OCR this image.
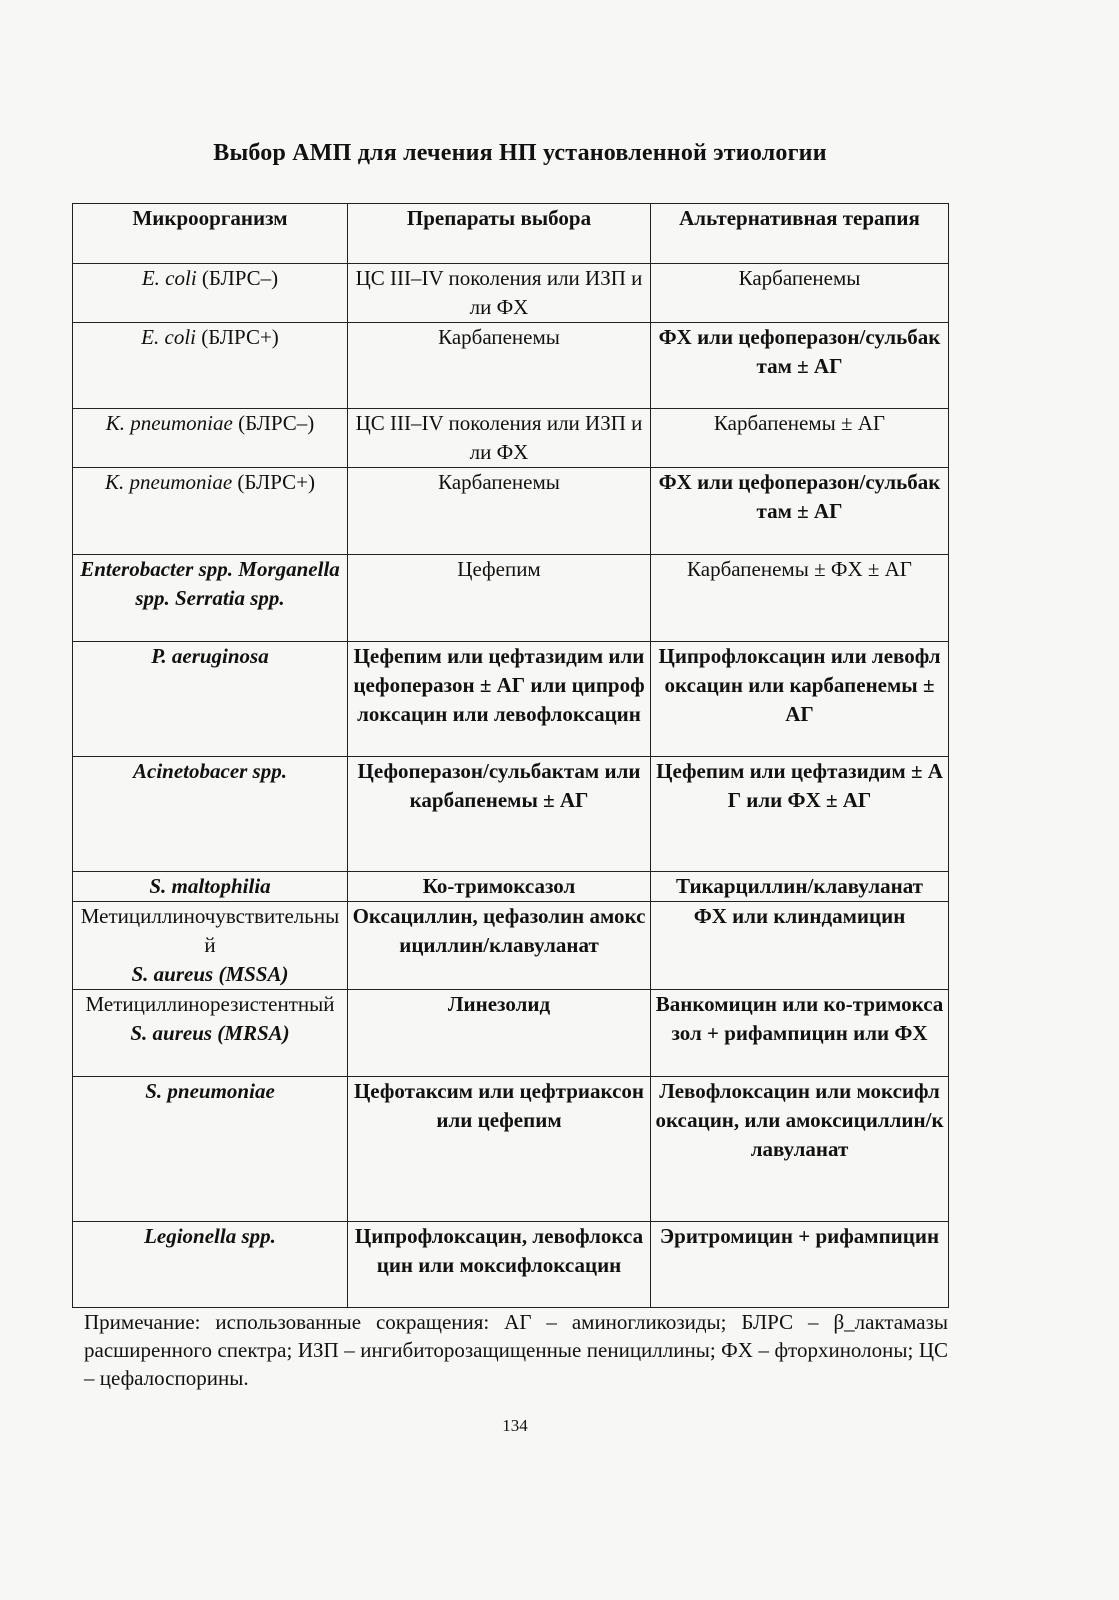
Выбор АМП для лечения НП установленной этиологии
Микроорганизм	Препараты выбора	Альтернативная терапия
E. coli (БЛРС–)	ЦС III–IV поколения или ИЗП или ФХ	Карбапенемы
E. coli (БЛРС+)	Карбапенемы	ФХ или цефоперазон/сульбактам ± АГ
K. pneumoniae (БЛРС–)	ЦС III–IV поколения или ИЗП или ФХ	Карбапенемы ± АГ
K. pneumoniae (БЛРС+)	Карбапенемы	ФХ или цефоперазон/сульбактам ± АГ
Enterobacter spp. Morganella spp. Serratia spp.	Цефепим	Карбапенемы ± ФХ ± АГ
P. aeruginosa	Цефепим или цефтазидим или цефоперазон ± АГ или ципрофлоксацин или левофлоксацин	Ципрофлоксацин или левофлоксацин или карбапенемы ± АГ
Acinetobacer spp.	Цефоперазон/сульбактам или карбапенемы ± АГ	Цефепим или цефтазидим ± АГ или ФХ ± АГ
S. maltophilia	Ко-тримоксазол	Тикарциллин/клавуланат
Метициллиночувствительный
S. aureus (MSSA)	Оксациллин, цефазолин амоксициллин/клавуланат	ФХ или клиндамицин
Метициллинорезистентный
S. aureus (MRSA)	Линезолид	Ванкомицин или ко-тримоксазол + рифампицин или ФХ
S. pneumoniae	Цефотаксим или цефтриаксон или цефепим	Левофлоксацин или моксифлоксацин, или амоксициллин/клавуланат
Legionella spp.	Ципрофлоксацин, левофлоксацин или моксифлоксацин	Эритромицин + рифампицин
Примечание: использованные сокращения: АГ – аминогликозиды; БЛРС – β_лактамазы расширенного спектра; ИЗП – ингибиторозащищенные пенициллины; ФХ – фторхинолоны; ЦС – цефалоспорины.
134
